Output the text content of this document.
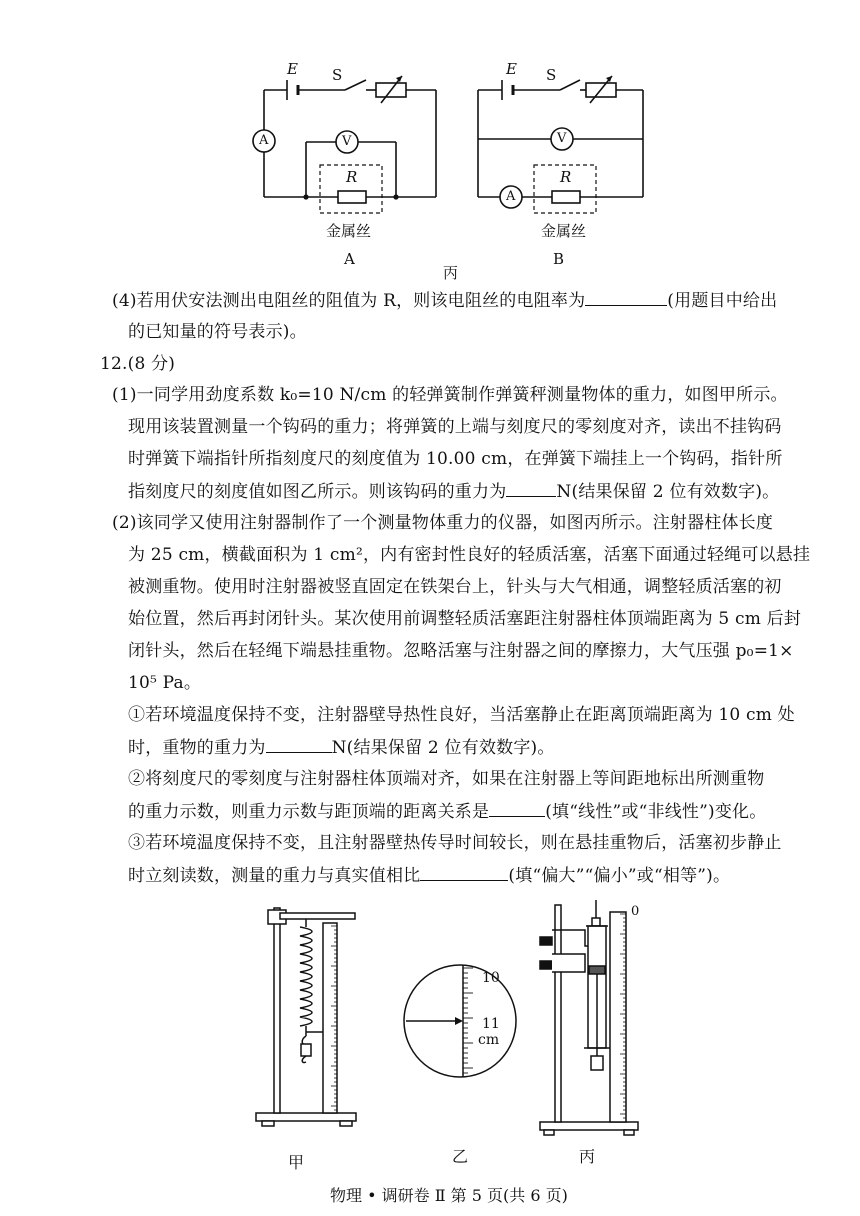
E S
A	V
R
金属丝
A
E S
V
A
R
金属丝
B
丙
(4)若用伏安法测出电阻丝的阻值为 R，则该电阻丝的电阻率为	(用题目中给出
的已知量的符号表示)。
12.(8 分)
(1)一同学用劲度系数 k₀=10 N/cm 的轻弹簧制作弹簧秤测量物体的重力，如图甲所示。
现用该装置测量一个钩码的重力；将弹簧的上端与刻度尺的零刻度对齐，读出不挂钩码
时弹簧下端指针所指刻度尺的刻度值为 10.00 cm，在弹簧下端挂上一个钩码，指针所
指刻度尺的刻度值如图乙所示。则该钩码的重力为	N(结果保留 2 位有效数字)。
(2)该同学又使用注射器制作了一个测量物体重力的仪器，如图丙所示。注射器柱体长度
为 25 cm，横截面积为 1 cm²，内有密封性良好的轻质活塞，活塞下面通过轻绳可以悬挂
被测重物。使用时注射器被竖直固定在铁架台上，针头与大气相通，调整轻质活塞的初
始位置，然后再封闭针头。某次使用前调整轻质活塞距注射器柱体顶端距离为 5 cm 后封
闭针头，然后在轻绳下端悬挂重物。忽略活塞与注射器之间的摩擦力，大气压强 p₀=1×
10⁵ Pa。
①若环境温度保持不变，注射器壁导热性良好，当活塞静止在距离顶端距离为 10 cm 处
时，重物的重力为	N(结果保留 2 位有效数字)。
②将刻度尺的零刻度与注射器柱体顶端对齐，如果在注射器上等间距地标出所测重物
的重力示数，则重力示数与距顶端的距离关系是	(填“线性”或“非线性”)变化。
③若环境温度保持不变，且注射器壁热传导时间较长，则在悬挂重物后，活塞初步静止
时立刻读数，测量的重力与真实值相比	(填“偏大”“偏小”或“相等”)。
甲
10
11
cm
乙
0
丙
物理 • 调研卷 Ⅱ 第 5 页(共 6 页)
